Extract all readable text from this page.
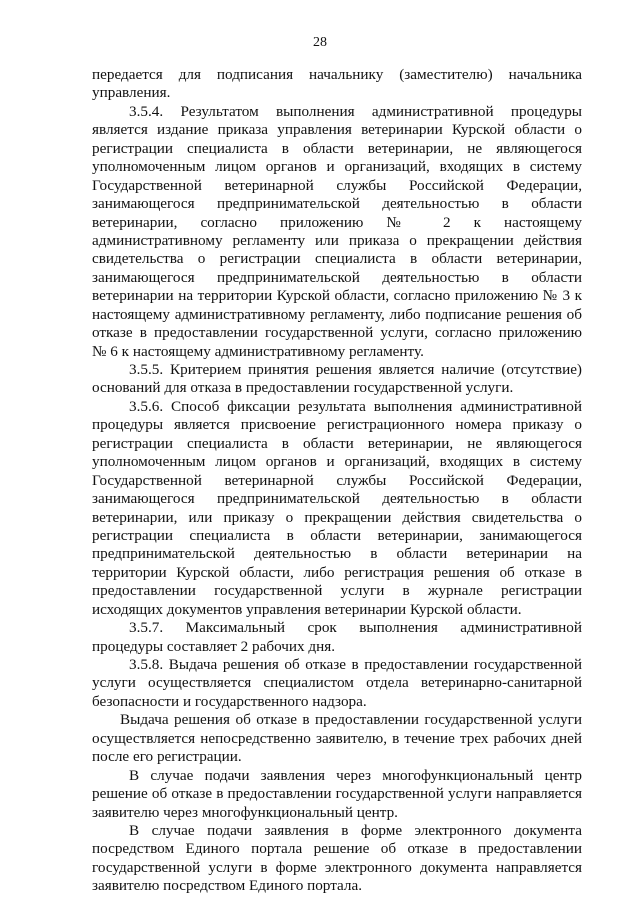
28
передается для подписания начальнику (заместителю) начальника
управления.
3.5.4. Результатом выполнения административной процедуры
является издание приказа управления ветеринарии Курской области о
регистрации специалиста в области ветеринарии, не являющегося
уполномоченным лицом органов и организаций, входящих в систему
Государственной ветеринарной службы Российской Федерации,
занимающегося предпринимательской деятельностью в области
ветеринарии, согласно приложению № 2 к настоящему
административному регламенту или приказа о прекращении действия
свидетельства о регистрации специалиста в области ветеринарии,
занимающегося предпринимательской деятельностью в области
ветеринарии на территории Курской области, согласно приложению № 3 к
настоящему административному регламенту, либо подписание решения об
отказе в предоставлении государственной услуги, согласно приложению
№ 6 к настоящему административному регламенту.
3.5.5. Критерием принятия решения является наличие (отсутствие)
оснований для отказа в предоставлении государственной услуги.
3.5.6. Способ фиксации результата выполнения административной
процедуры является присвоение регистрационного номера приказу о
регистрации специалиста в области ветеринарии, не являющегося
уполномоченным лицом органов и организаций, входящих в систему
Государственной ветеринарной службы Российской Федерации,
занимающегося предпринимательской деятельностью в области
ветеринарии, или приказу о прекращении действия свидетельства о
регистрации специалиста в области ветеринарии, занимающегося
предпринимательской деятельностью в области ветеринарии на
территории Курской области, либо регистрация решения об отказе в
предоставлении государственной услуги в журнале регистрации
исходящих документов управления ветеринарии Курской области.
3.5.7. Максимальный срок выполнения административной
процедуры составляет 2 рабочих дня.
3.5.8. Выдача решения об отказе в предоставлении государственной
услуги осуществляется специалистом отдела ветеринарно-санитарной
безопасности и государственного надзора.
Выдача решения об отказе в предоставлении государственной услуги
осуществляется непосредственно заявителю, в течение трех рабочих дней
после его регистрации.
В случае подачи заявления через многофункциональный центр
решение об отказе в предоставлении государственной услуги направляется
заявителю через многофункциональный центр.
В случае подачи заявления в форме электронного документа
посредством Единого портала решение об отказе в предоставлении
государственной услуги в форме электронного документа направляется
заявителю посредством Единого портала.
